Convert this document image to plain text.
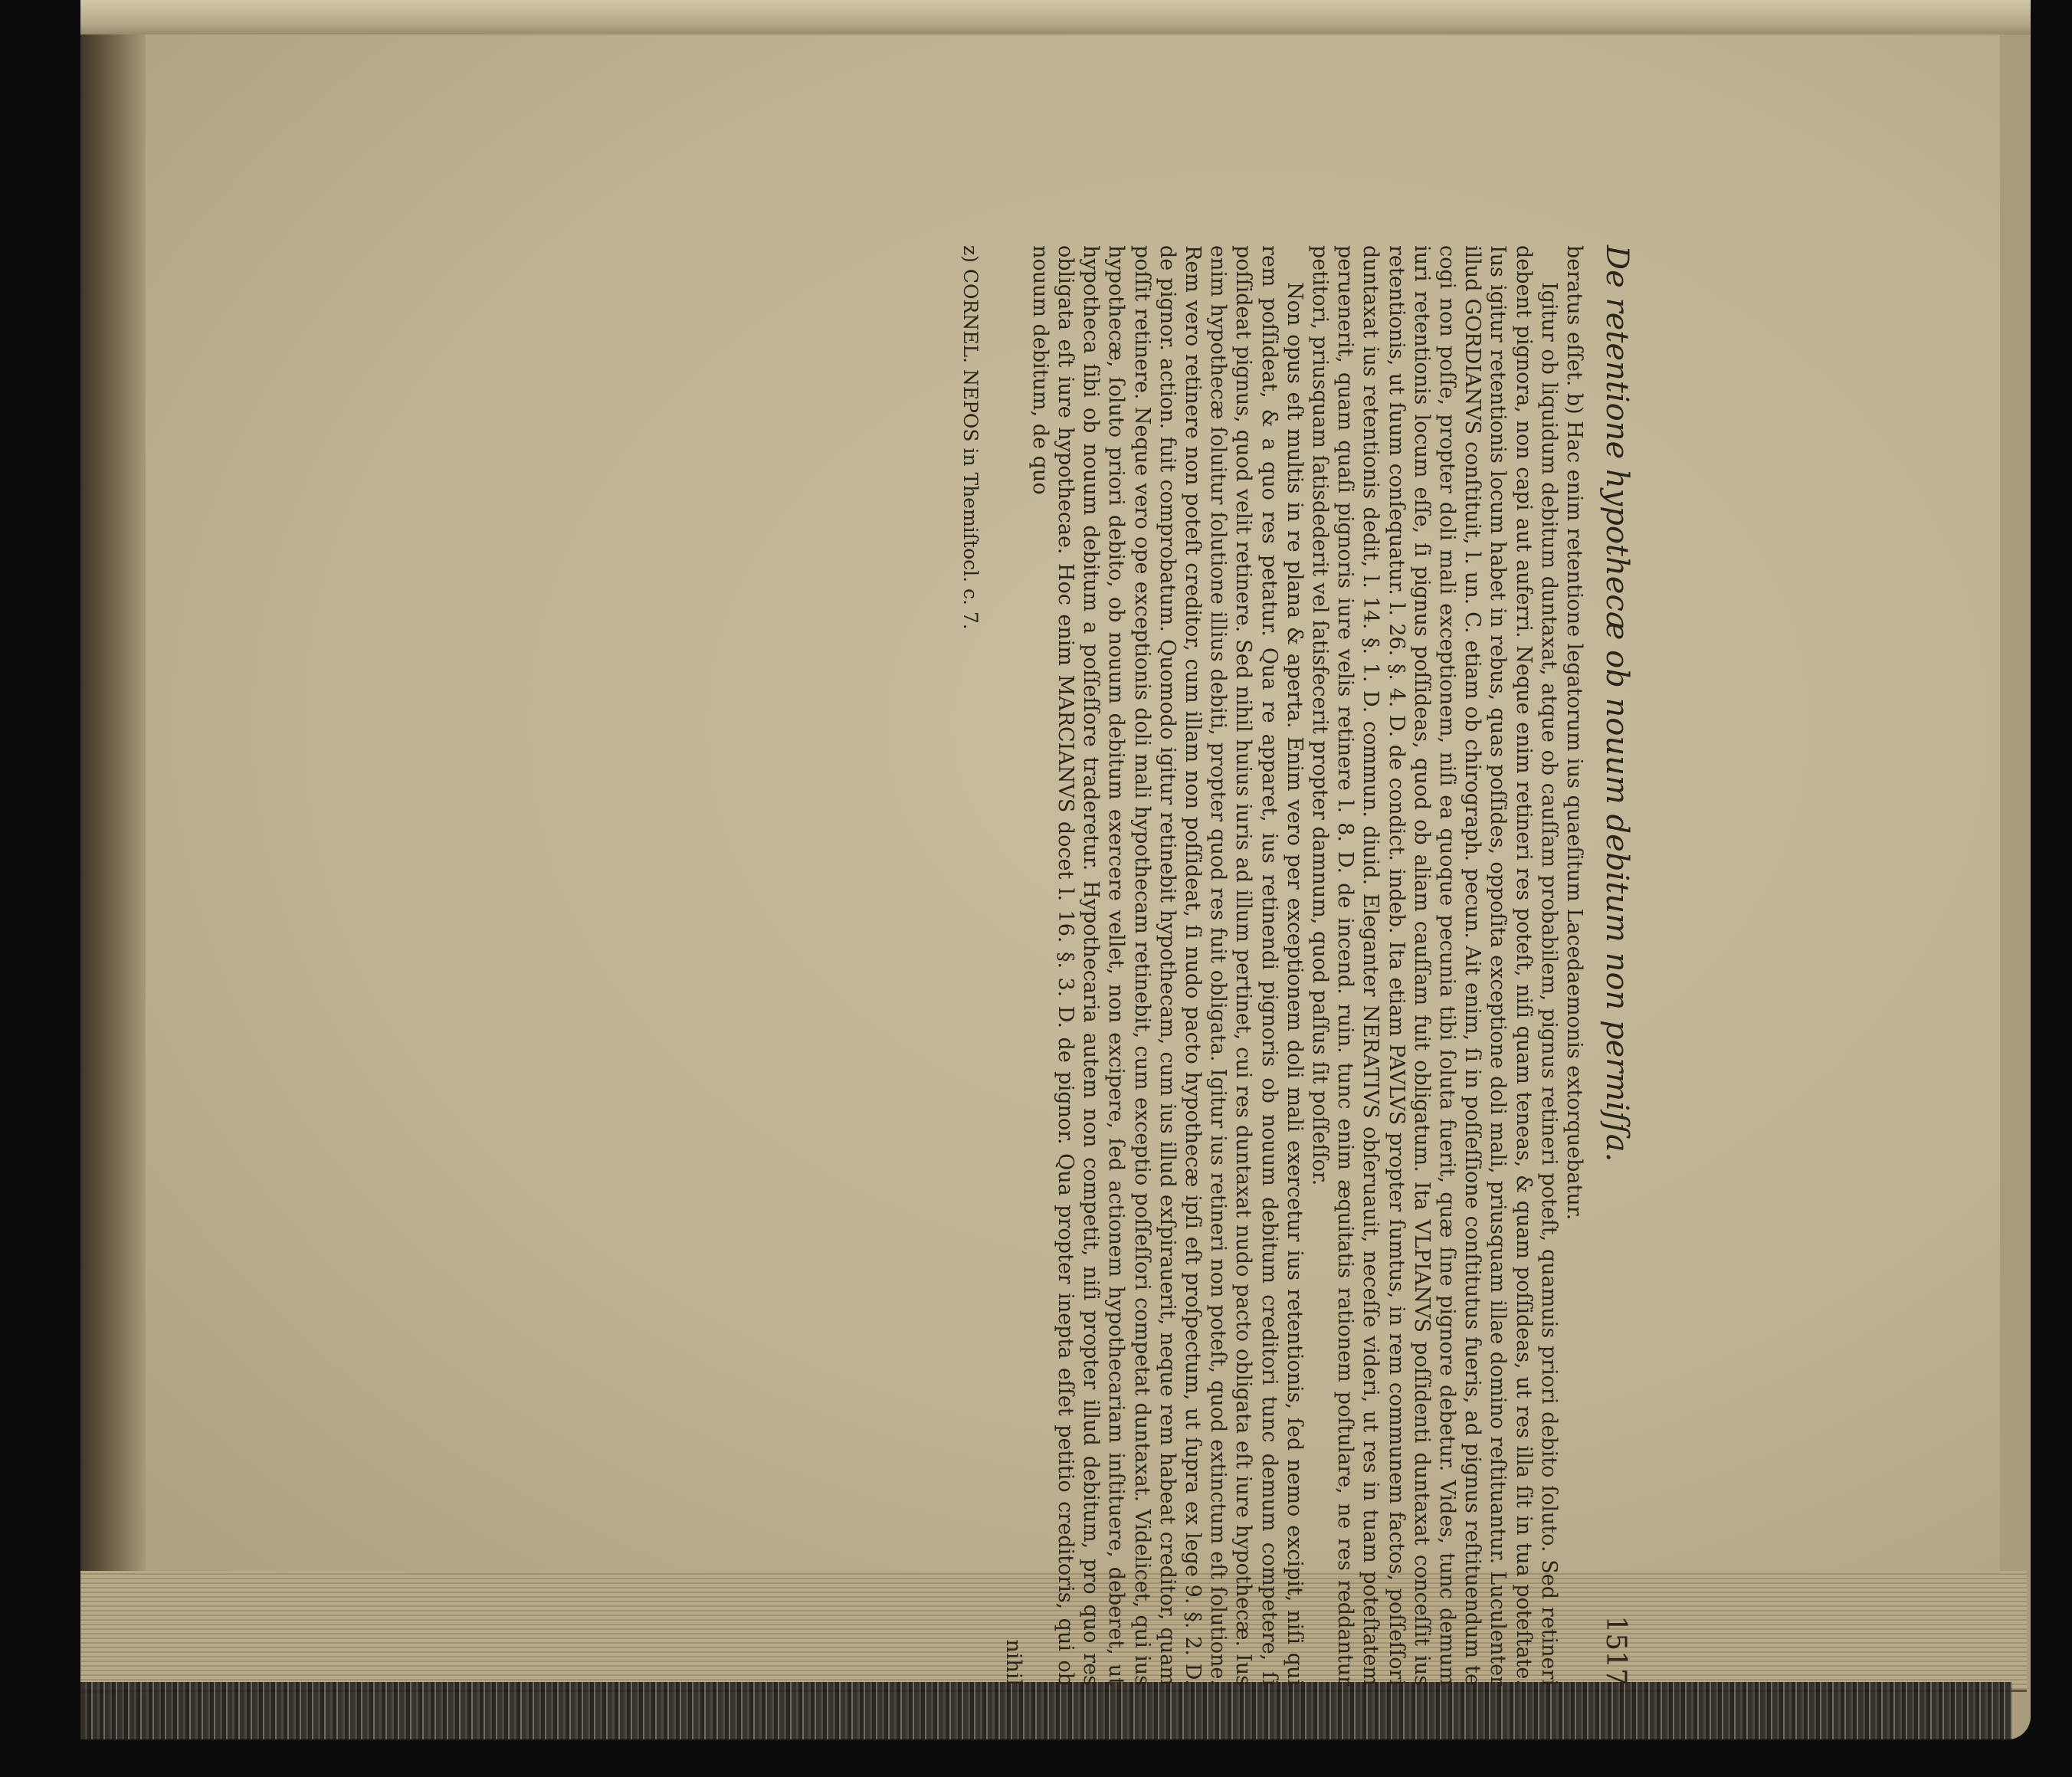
De retentione hypothecæ ob nouum debitum non permiſſa.
1517

beratus eſſet. b) Hac enim retentione legatorum ius quaeſitum Lacedaemonis extorquebatur.

Igitur ob liquidum debitum duntaxat, atque ob cauſſam probabilem, pignus retineri poteſt, quamuis priori debito ſoluto. Sed retineri debent pignora, non capi aut auferri. Neque enim retineri res poteſt, niſi quam teneas, & quam poſſideas, ut res illa ſit in tua poteſtate. Ius igitur retentionis locum habet in rebus, quas poſſides, oppoſita exceptione doli mali, priusquam illae domino reſtituantur. Luculenter illud GORDIANVS conſtituit, l. un. C. etiam ob chirograph. pecun. Ait enim, ſi in poſſeſſione conſtitutus fueris, ad pignus reſtituendum te cogi non poſſe, propter doli mali exceptionem, niſi ea quoque pecunia tibi ſoluta fuerit, quæ ſine pignore debetur. Vides, tunc demum iuri retentionis locum eſſe, ſi pignus poſſideas, quod ob aliam cauſſam fuit obligatum. Ita VLPIANVS poſſidenti duntaxat conceſſit ius retentionis, ut ſuum conſequatur. l. 26. §. 4. D. de condict. indeb. Ita etiam PAVLVS propter ſumtus, in rem communem factos, poſſeſſori duntaxat ius retentionis dedit, l. 14. §. 1. D. commun. diuid. Eleganter NERATIVS obſeruauit, neceſſe videri, ut res in tuam poteſtatem peruenerit, quam quaſi pignoris iure velis retinere l. 8. D. de incend. ruin. tunc enim æquitatis rationem poſtulare, ne res reddantur petitori, priusquam ſatisdederit vel ſatisfecerit propter damnum, quod paſſus ſit poſſeſſor.

Non opus eſt multis in re plana & aperta. Enim vero per exceptionem doli mali exercetur ius retentionis, ſed nemo excipit, niſi qui rem poſſideat, & a quo res petatur. Qua re apparet, ius retinendi pignoris ob nouum debitum creditori tunc demum competere, ſi poſſideat pignus, quod velit retinere. Sed nihil huius iuris ad illum pertinet, cui res duntaxat nudo pacto obligata eſt iure hypothecæ. Ius enim hypothecæ ſoluitur ſolutione illius debiti, propter quod res fuit obligata. Igitur ius retineri non poteſt, quod extinctum eſt ſolutione. Rem vero retinere non poteſt creditor, cum illam non poſſideat, ſi nudo pacto hypothecæ ipſi eſt proſpectum, ut ſupra ex lege 9. §. 2. D. de pignor. action. fuit comprobatum. Quomodo igitur retinebit hypothecam, cum ius illud exſpirauerit, neque rem habeat creditor, quam poſſit retinere. Neque vero ope exceptionis doli mali hypothecam retinebit, cum exceptio poſſeſſori competat duntaxat. Videlicet, qui ius hypothecæ, ſoluto priori debito, ob nouum debitum exercere vellet, non excipere, ſed actionem hypothecariam inſtituere, deberet, ut hypotheca ſibi ob nouum debitum a poſſeſſore traderetur. Hypothecaria autem non competit, niſi propter illud debitum, pro quo res obligata eſt iure hypothecae. Hoc enim MARCIANVS docet l. 16. §. 3. D. de pignor. Qua propter inepta eſſet petitio creditoris, qui ob nouum debitum, de quo

nihil
z) CORNEL. NEPOS in Themiſtocl. c. 7.
